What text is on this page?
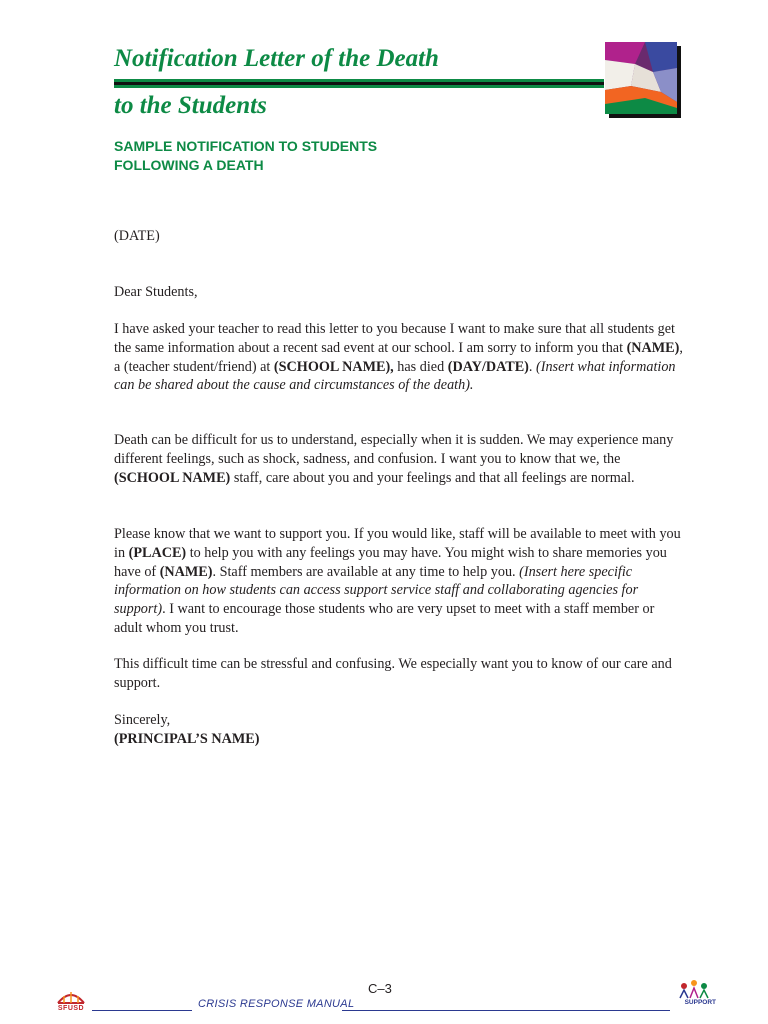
Notification Letter of the Death
to the Students
SAMPLE NOTIFICATION TO STUDENTS
FOLLOWING A DEATH

(DATE)

Dear Students,

I have asked your teacher to read this letter to you because I want to make sure that all students get the same information about a recent sad event at our school. I am sorry to inform you that (NAME), a (teacher student/friend) at (SCHOOL NAME), has died (DAY/DATE). (Insert what information can be shared about the cause and circumstances of the death).

Death can be difficult for us to understand, especially when it is sudden. We may experience many different feelings, such as shock, sadness, and confusion. I want you to know that we, the (SCHOOL NAME) staff, care about you and your feelings and that all feelings are normal.

Please know that we want to support you. If you would like, staff will be available to meet with you in (PLACE) to help you with any feelings you may have. You might wish to share memories you have of (NAME). Staff members are available at any time to help you. (Insert here specific information on how students can access support service staff and collaborating agencies for support). I want to encourage those students who are very upset to meet with a staff member or adult whom you trust.

This difficult time can be stressful and confusing. We especially want you to know of our care and support.

Sincerely,

(PRINCIPAL’S NAME)

C–3
SFUSD	CRISIS RESPONSE MANUAL	SUPPORT
